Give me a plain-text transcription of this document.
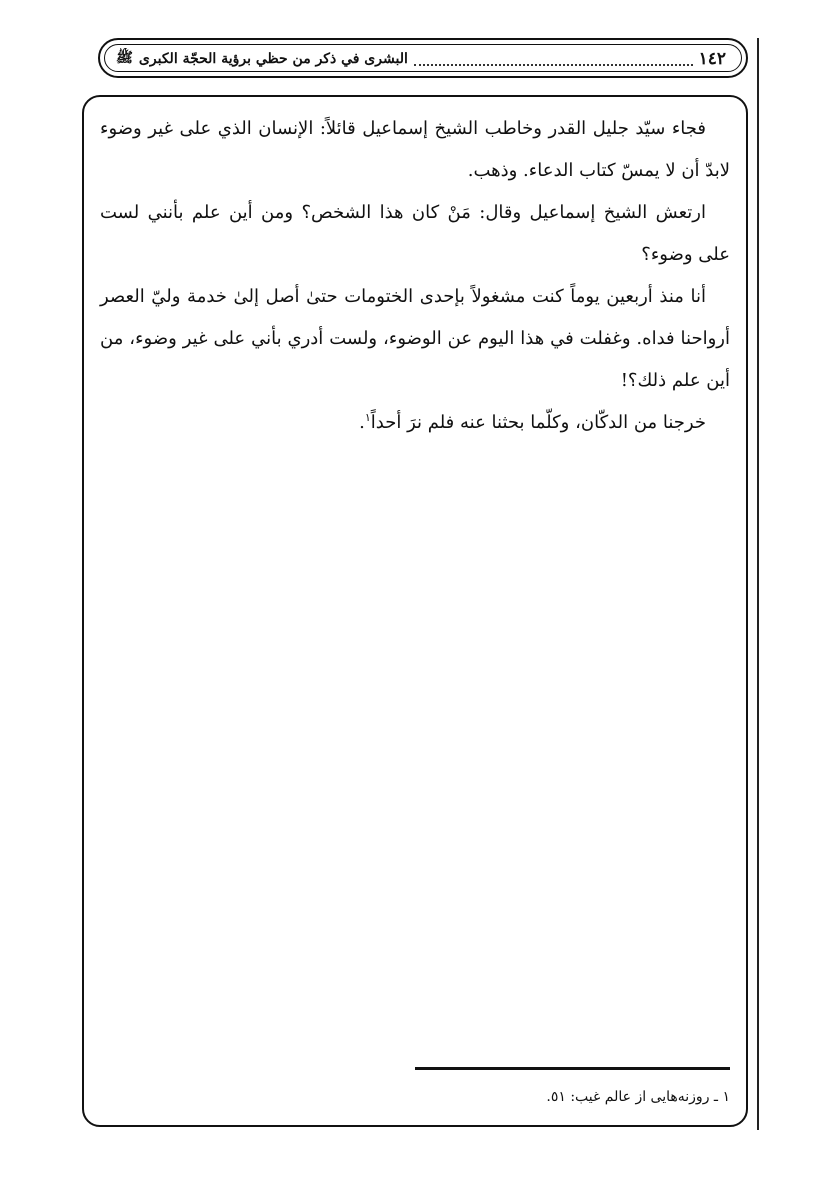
١٤٢
البشرى في ذكر من حظي برؤية الحجّة الكبرى
ﷺ

فجاء سيّد جليل القدر وخاطب الشيخ إسماعيل قائلاً: الإنسان الذي على غير وضوء لابدّ أن لا يمسّ كتاب الدعاء. وذهب.

ارتعش الشيخ إسماعيل وقال: مَنْ كان هذا الشخص؟ ومن أين علم بأنني لست على وضوء؟

أنا منذ أربعين يوماً كنت مشغولاً بإحدى الختومات حتىٰ أصل إلىٰ خدمة وليّ العصر أرواحنا فداه. وغفلت في هذا اليوم عن الوضوء، ولست أدري بأني على غير وضوء، من أين علم ذلك؟!

خرجنا من الدكّان، وكلّما بحثنا عنه فلم نرَ أحداً$^١$.

١ ـ روزنه‌هايى از عالم غيب: ٥١.
